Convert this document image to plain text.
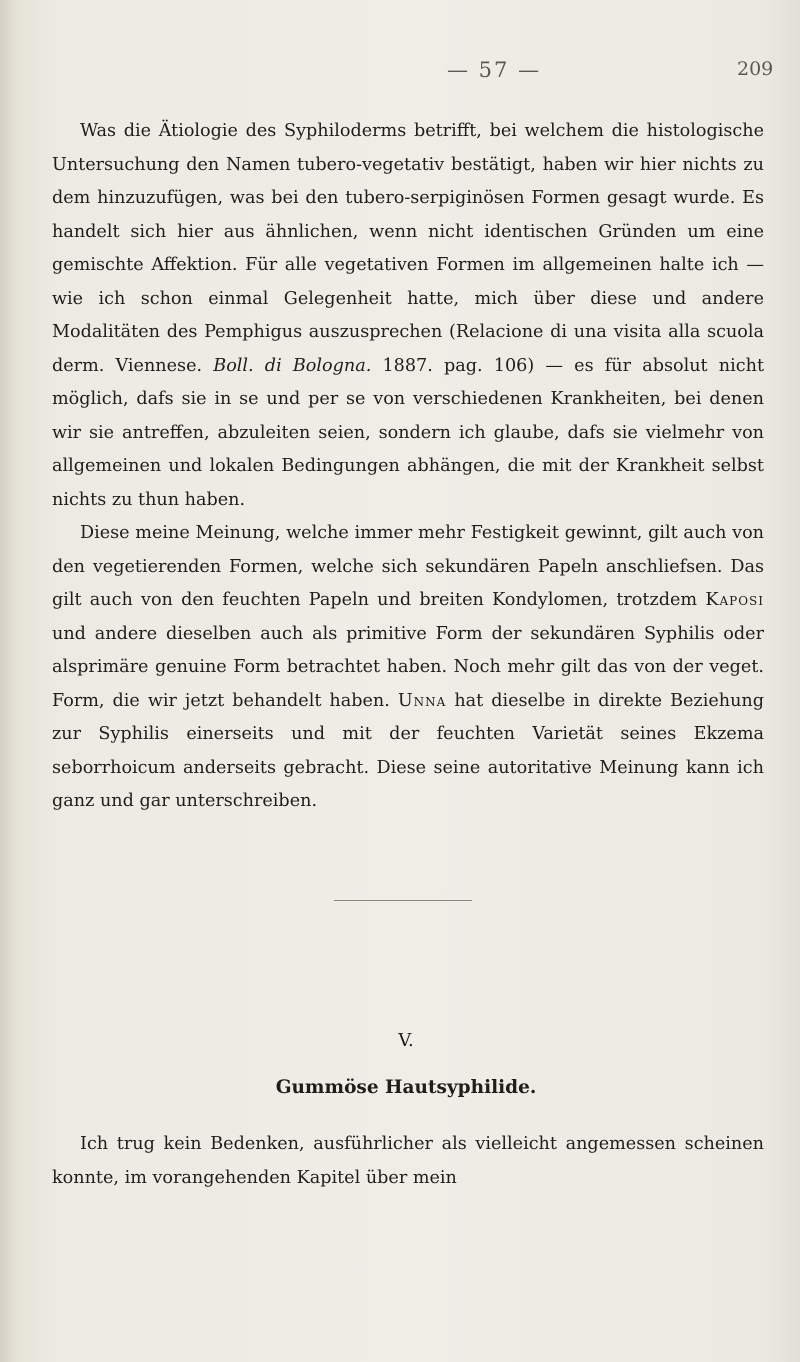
— 57 —	209

Was die Ätiologie des Syphiloderms betrifft, bei welchem die histologische Untersuchung den Namen tubero-vegetativ bestätigt, haben wir hier nichts zu dem hinzuzufügen, was bei den tubero-serpiginösen Formen gesagt wurde. Es handelt sich hier aus ähnlichen, wenn nicht identischen Gründen um eine gemischte Affektion. Für alle vegetativen Formen im allgemeinen halte ich — wie ich schon einmal Gelegenheit hatte, mich über diese und andere Modalitäten des Pemphigus auszusprechen (Relacione di una visita alla scuola derm. Viennese. Boll. di Bologna. 1887. pag. 106) — es für absolut nicht möglich, dafs sie in se und per se von verschiedenen Krankheiten, bei denen wir sie antreffen, abzuleiten seien, sondern ich glaube, dafs sie vielmehr von allgemeinen und lokalen Bedingungen abhängen, die mit der Krankheit selbst nichts zu thun haben.

Diese meine Meinung, welche immer mehr Festigkeit gewinnt, gilt auch von den vegetierenden Formen, welche sich sekundären Papeln anschliefsen. Das gilt auch von den feuchten Papeln und breiten Kondylomen, trotzdem Kaposi und andere dieselben auch als primitive Form der sekundären Syphilis oder alsprimäre genuine Form betrachtet haben. Noch mehr gilt das von der veget. Form, die wir jetzt behandelt haben. Unna hat dieselbe in direkte Beziehung zur Syphilis einerseits und mit der feuchten Varietät seines Ekzema seborrhoicum anderseits gebracht. Diese seine autoritative Meinung kann ich ganz und gar unterschreiben.

V.
Gummöse Hautsyphilide.

Ich trug kein Bedenken, ausführlicher als vielleicht angemessen scheinen konnte, im vorangehenden Kapitel über mein
